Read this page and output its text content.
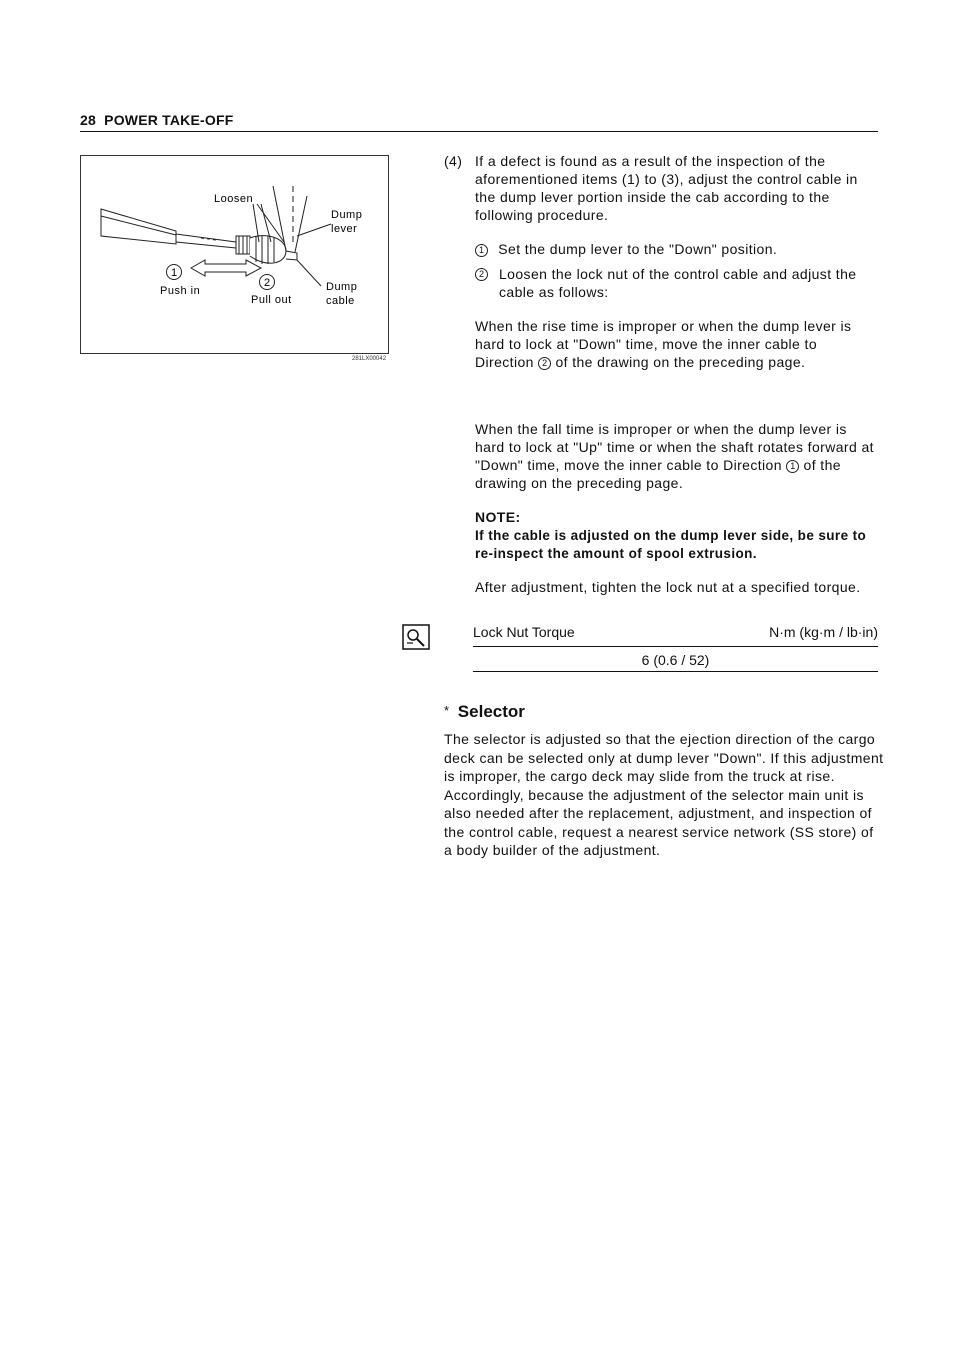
28 POWER TAKE-OFF
1
2
Loosen
Dump
lever
Dump
cable
Push in
Pull out
281LX00042
(4) If a defect is found as a result of the inspection of the aforementioned items (1) to (3), adjust the control cable in the dump lever portion inside the cab according to the following procedure.
1 Set the dump lever to the "Down" position.
2 Loosen the lock nut of the control cable and adjust the cable as follows:
When the rise time is improper or when the dump lever is hard to lock at "Down" time, move the inner cable to Direction 2 of the drawing on the preceding page.
When the fall time is improper or when the dump lever is hard to lock at "Up" time or when the shaft rotates forward at "Down" time, move the inner cable to Direction 1 of the drawing on the preceding page.
NOTE:
If the cable is adjusted on the dump lever side, be sure to re-inspect the amount of spool extrusion.
After adjustment, tighten the lock nut at a specified torque.
Lock Nut Torque	N·m (kg·m / lb·in)
6 (0.6 / 52)
* Selector
The selector is adjusted so that the ejection direction of the cargo deck can be selected only at dump lever "Down". If this adjustment is improper, the cargo deck may slide from the truck at rise. Accordingly, because the adjustment of the selector main unit is also needed after the replacement, adjustment, and inspection of the control cable, request a nearest service network (SS store) of a body builder of the adjustment.
